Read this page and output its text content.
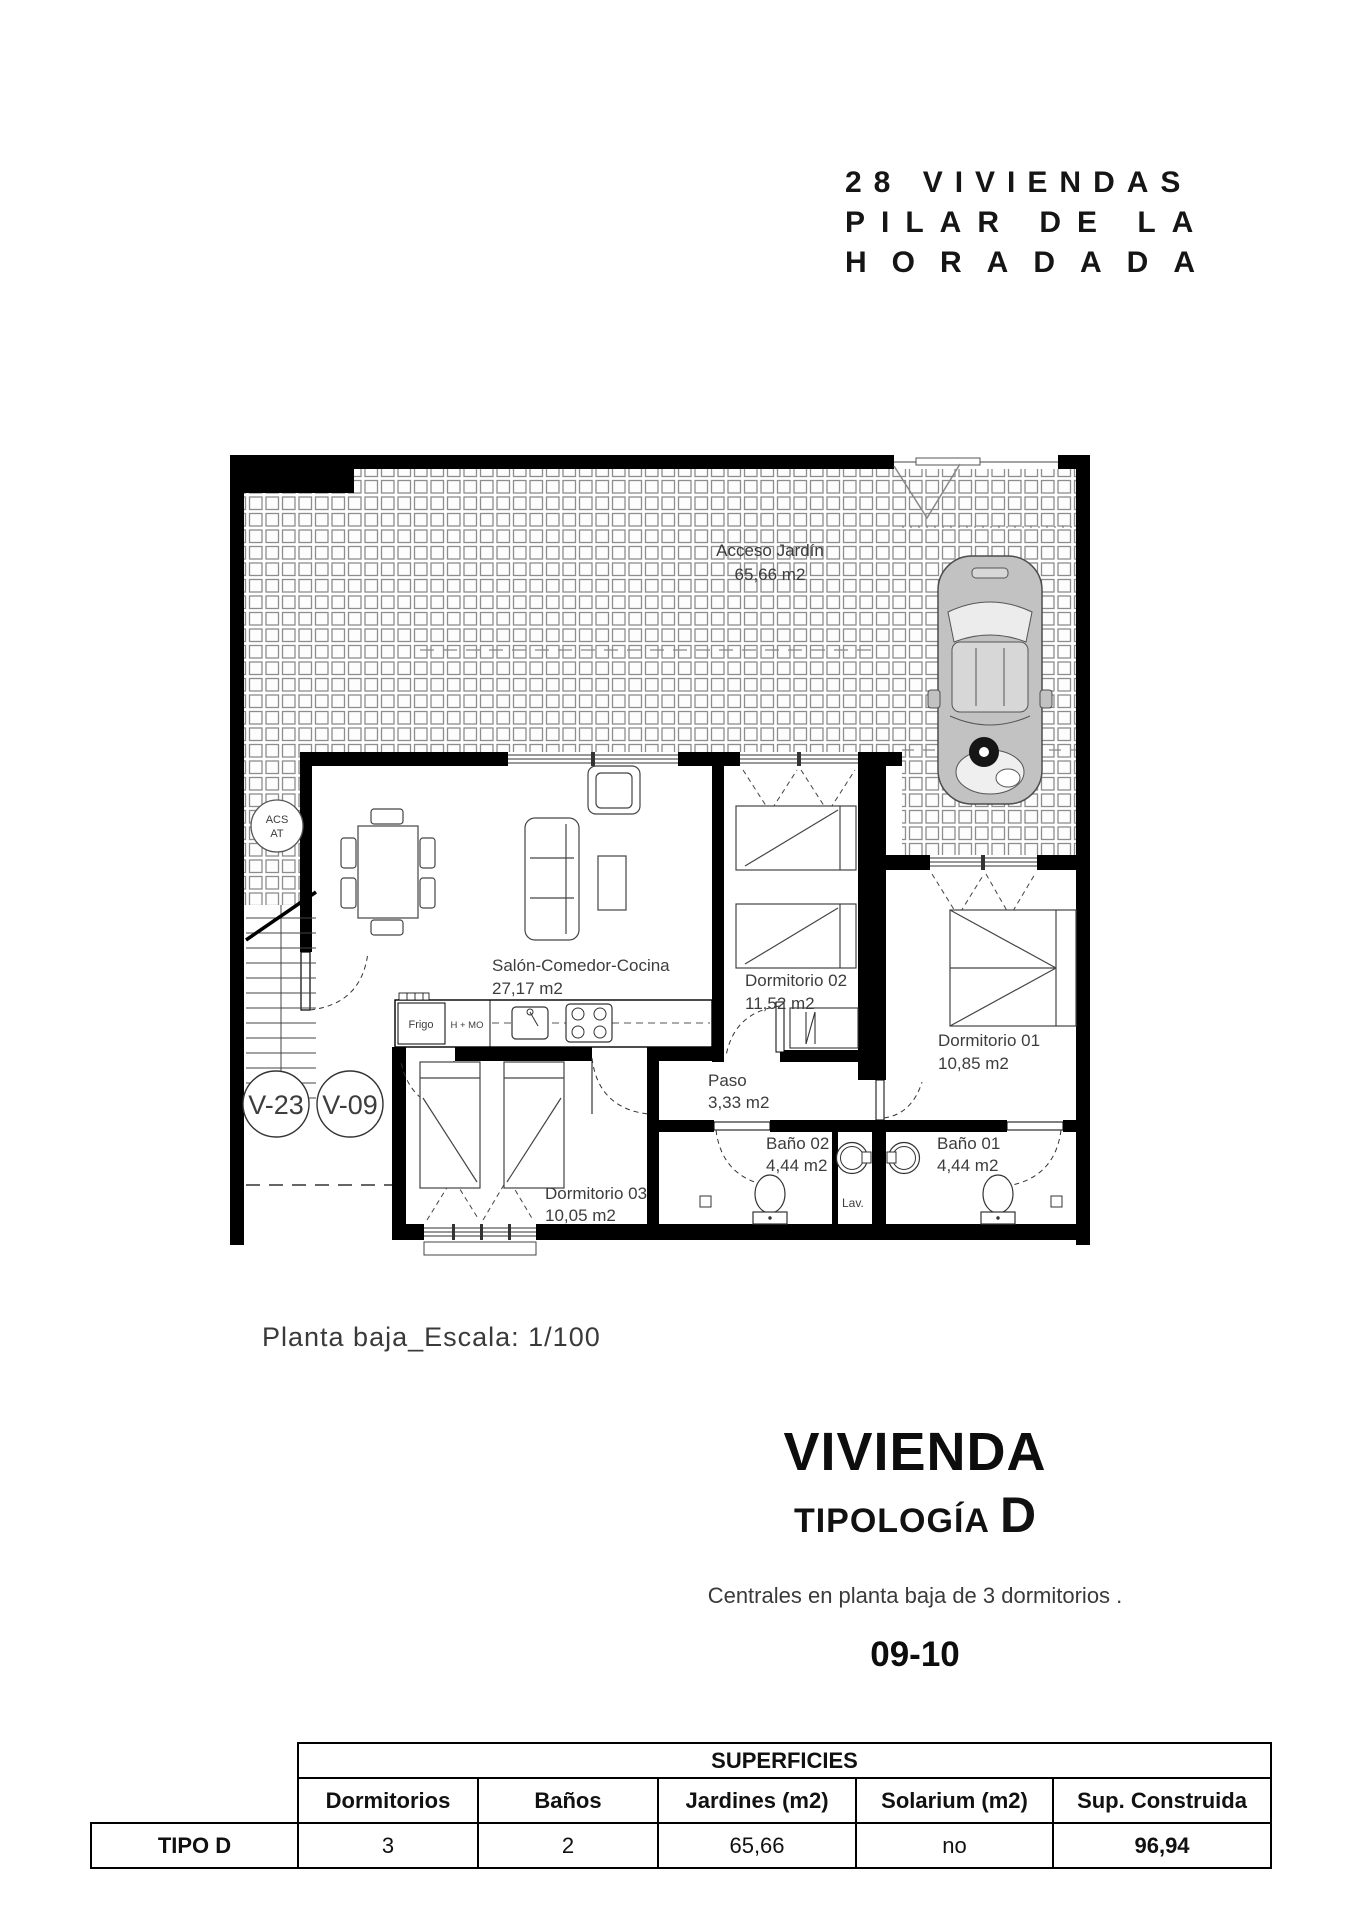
28 VIVIENDAS
PILAR DE LA
HORADADA
ACS
AT
V-23 V-09
Acceso Jardín
65,66 m2
Salón-Comedor-Cocina
27,17 m2	Dormitorio 02
11,52 m2
Dormitorio 01
10,85 m2
Paso
3,33 m2
Baño 02
4,44 m2
Baño 01
4,44 m2
Dormitorio 03
10,05 m2
Lav.
Frigo H + MO
Planta baja_Escala: 1/100
VIVIENDA
TIPOLOGÍA D
Centrales en planta baja de 3 dormitorios .
09-10
	SUPERFICIES				
	Dormitorios	Baños	Jardines (m2)	Solarium (m2)	Sup. Construida
TIPO D	3	2	65,66	no	96,94
